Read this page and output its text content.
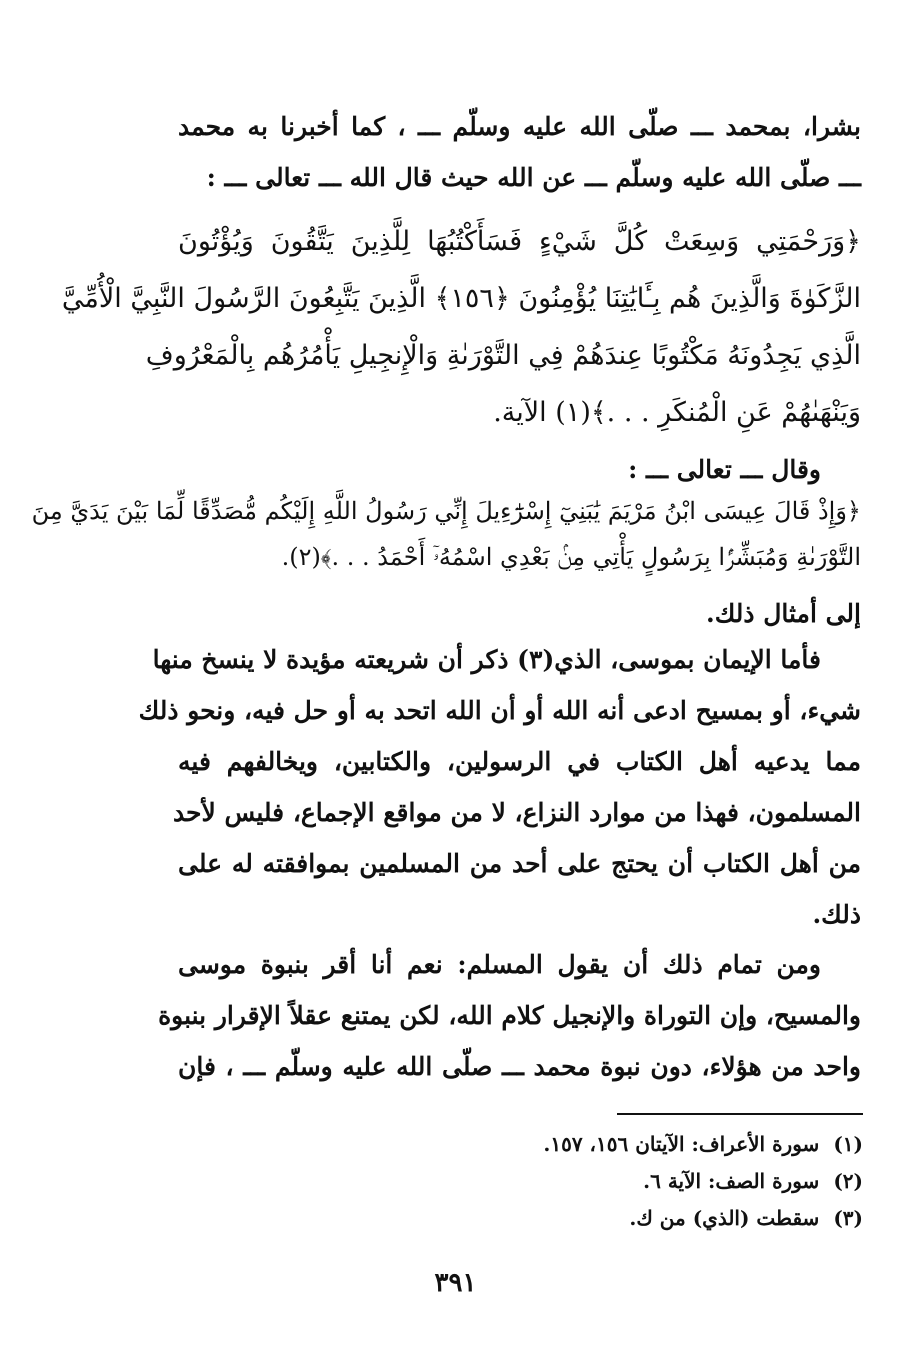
بشرا، بمحمد ـــ صلّى الله عليه وسلّم ـــ ، كما أخبرنا به محمد
ـــ صلّى الله عليه وسلّم ـــ عن الله حيث قال الله ـــ تعالى ـــ :

﴿وَرَحْمَتِي وَسِعَتْ كُلَّ شَيْءٍ فَسَأَكْتُبُهَا لِلَّذِينَ يَتَّقُونَ وَيُؤْتُونَ
الزَّكَوٰةَ وَالَّذِينَ هُم بِـَٔايَٰتِنَا يُؤْمِنُونَ ﴿١٥٦﴾ الَّذِينَ يَتَّبِعُونَ الرَّسُولَ النَّبِيَّ الْأُمِّيَّ
الَّذِي يَجِدُونَهُ مَكْتُوبًا عِندَهُمْ فِي التَّوْرَىٰةِ وَالْإِنجِيلِ يَأْمُرُهُم بِالْمَعْرُوفِ
وَيَنْهَىٰهُمْ عَنِ الْمُنكَرِ . . .﴾(١) الآية.

وقال ـــ تعالى ـــ :

﴿وَإِذْ قَالَ عِيسَى ابْنُ مَرْيَمَ يَٰبَنِيٓ إِسْرَٰٓءِيلَ إِنِّي رَسُولُ اللَّهِ إِلَيْكُم مُّصَدِّقًا لِّمَا بَيْنَ يَدَيَّ مِنَ
التَّوْرَىٰةِ وَمُبَشِّرًۢا بِرَسُولٍ يَأْتِي مِنۢ بَعْدِي اسْمُهُۥٓ أَحْمَدُ . . .﴾(٢).

إلى أمثال ذلك.

فأما الإيمان بموسى، الذي(٣) ذكر أن شريعته مؤيدة لا ينسخ منها
شيء، أو بمسيح ادعى أنه الله أو أن الله اتحد به أو حل فيه، ونحو ذلك
مما يدعيه أهل الكتاب في الرسولين، والكتابين، ويخالفهم فيه
المسلمون، فهذا من موارد النزاع، لا من مواقع الإجماع، فليس لأحد
من أهل الكتاب أن يحتج على أحد من المسلمين بموافقته له على
ذلك.

ومن تمام ذلك أن يقول المسلم: نعم أنا أقر بنبوة موسى
والمسيح، وإن التوراة والإنجيل كلام الله، لكن يمتنع عقلاً الإقرار بنبوة
واحد من هؤلاء، دون نبوة محمد ـــ صلّى الله عليه وسلّم ـــ ، فإن

(١)سورة الأعراف: الآيتان ١٥٦، ١٥٧.
(٢)سورة الصف: الآية ٦.
(٣)سقطت (الذي) من ك.
٣٩١
